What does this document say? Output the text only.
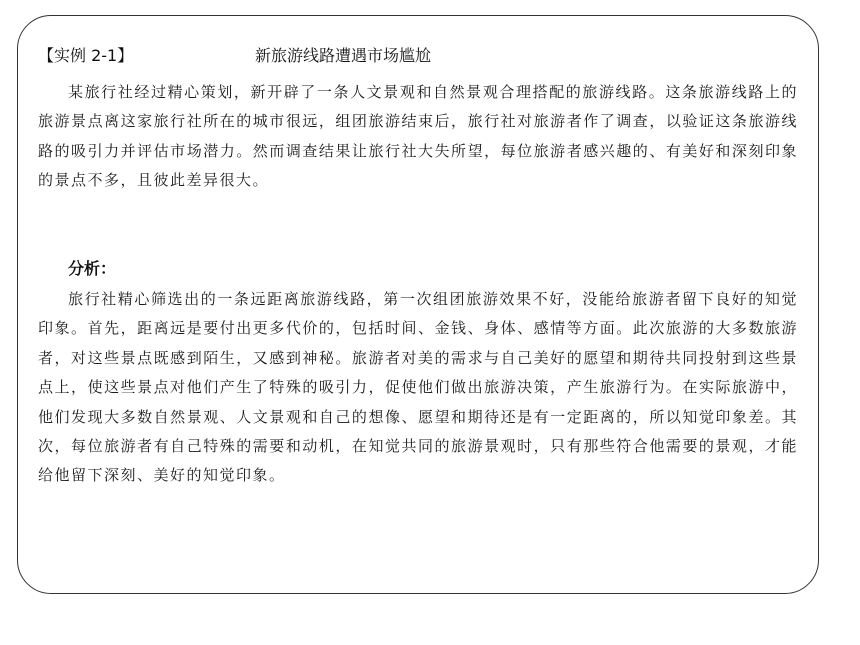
【实例 2-1】	新旅游线路遭遇市场尴尬

某旅行社经过精心策划，新开辟了一条人文景观和自然景观合理搭配的旅游线路。这条旅游线路上的旅游景点离这家旅行社所在的城市很远，组团旅游结束后，旅行社对旅游者作了调查，以验证这条旅游线路的吸引力并评估市场潜力。然而调查结果让旅行社大失所望，每位旅游者感兴趣的、有美好和深刻印象的景点不多，且彼此差异很大。

分析：

旅行社精心筛选出的一条远距离旅游线路，第一次组团旅游效果不好，没能给旅游者留下良好的知觉印象。首先，距离远是要付出更多代价的，包括时间、金钱、身体、感情等方面。此次旅游的大多数旅游者，对这些景点既感到陌生，又感到神秘。旅游者对美的需求与自己美好的愿望和期待共同投射到这些景点上，使这些景点对他们产生了特殊的吸引力，促使他们做出旅游决策，产生旅游行为。在实际旅游中，他们发现大多数自然景观、人文景观和自己的想像、愿望和期待还是有一定距离的，所以知觉印象差。其次，每位旅游者有自己特殊的需要和动机，在知觉共同的旅游景观时，只有那些符合他需要的景观，才能给他留下深刻、美好的知觉印象。
